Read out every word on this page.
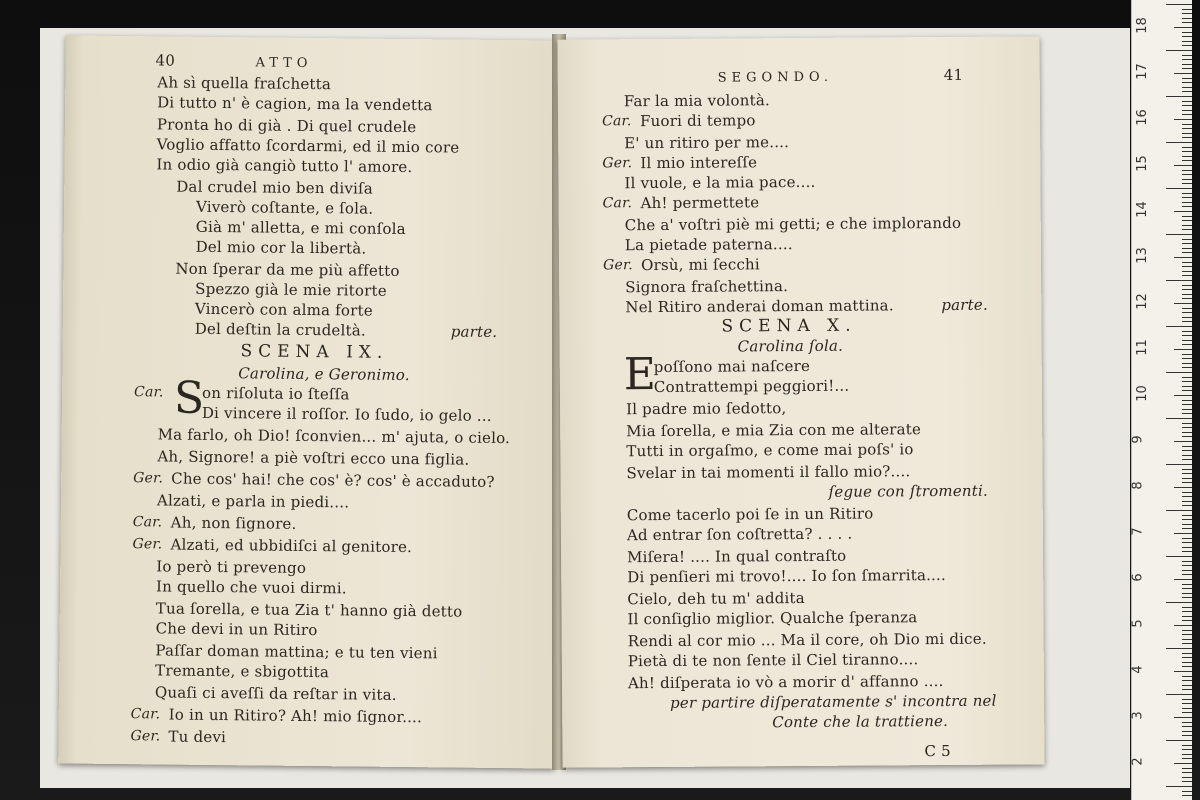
40	ATTO
Ah sì quella fraſchetta
Di tutto n' è cagion, ma la vendetta
Pronta ho di già . Di quel crudele
Voglio affatto ſcordarmi, ed il mio core
In odio già cangiò tutto l' amore.
Dal crudel mio ben diviſa
Viverò coſtante, e ſola.
Già m' alletta, e mi conſola
Del mio cor la libertà.
Non ſperar da me più affetto
Spezzo già le mie ritorte
Vincerò con alma forte
Del deſtin la crudeltà.	parte.
SCENA IX.
Carolina, e Geronimo.
Car. S
on riſoluta io ſteſſa
Di vincere il roſſor. Io ſudo, io gelo ...
Ma farlo, oh Dio! ſconvien... m' ajuta, o cielo.
Ah, Signore! a piè voſtri ecco una figlia.
Ger. Che cos' hai! che cos' è? cos' è accaduto?
Alzati, e parla in piedi....
Car. Ah, non ſignore.
Ger. Alzati, ed ubbidiſci al genitore.
Io però ti prevengo
In quello che vuoi dirmi.
Tua ſorella, e tua Zia t' hanno già detto
Che devi in un Ritiro
Paſſar doman mattina; e tu ten vieni
Tremante, e sbigottita
Quaſi ci aveſſi da reſtar in vita.
Car. Io in un Ritiro? Ah! mio ſignor....
Ger. Tu devi
SEGONDO.	41
Far la mia volontà.
Car. Fuori di tempo
E' un ritiro per me....
Ger. Il mio intereſſe
Il vuole, e la mia pace....
Car. Ah! permettete
Che a' voſtri piè mi getti; e che implorando
La pietade paterna....
Ger. Orsù, mi ſecchi
Signora fraſchettina.
Nel Ritiro anderai doman mattina.	parte.
SCENA X.
Carolina ſola.
E
poſſono mai naſcere
Contrattempi peggiori!...
Il padre mio ſedotto,
Mia ſorella, e mia Zia con me alterate
Tutti in orgaſmo, e come mai poſs' io
Svelar in tai momenti il fallo mio?....
ſegue con ſtromenti.
Come tacerlo poi ſe in un Ritiro
Ad entrar ſon coſtretta? . . . .
Miſera! .... In qual contraſto
Di penſieri mi trovo!.... Io ſon ſmarrita....
Cielo, deh tu m' addita
Il conſiglio miglior. Qualche ſperanza
Rendi al cor mio ... Ma il core, oh Dio mi dice.
Pietà di te non ſente il Ciel tiranno....
Ah! diſperata io vò a morir d' affanno ....
per partire diſperatamente s' incontra nel
Conte che la trattiene.
C 5
18
17
16
15
14
13
12
11
10
9
8
7
6
5
4
3
2
